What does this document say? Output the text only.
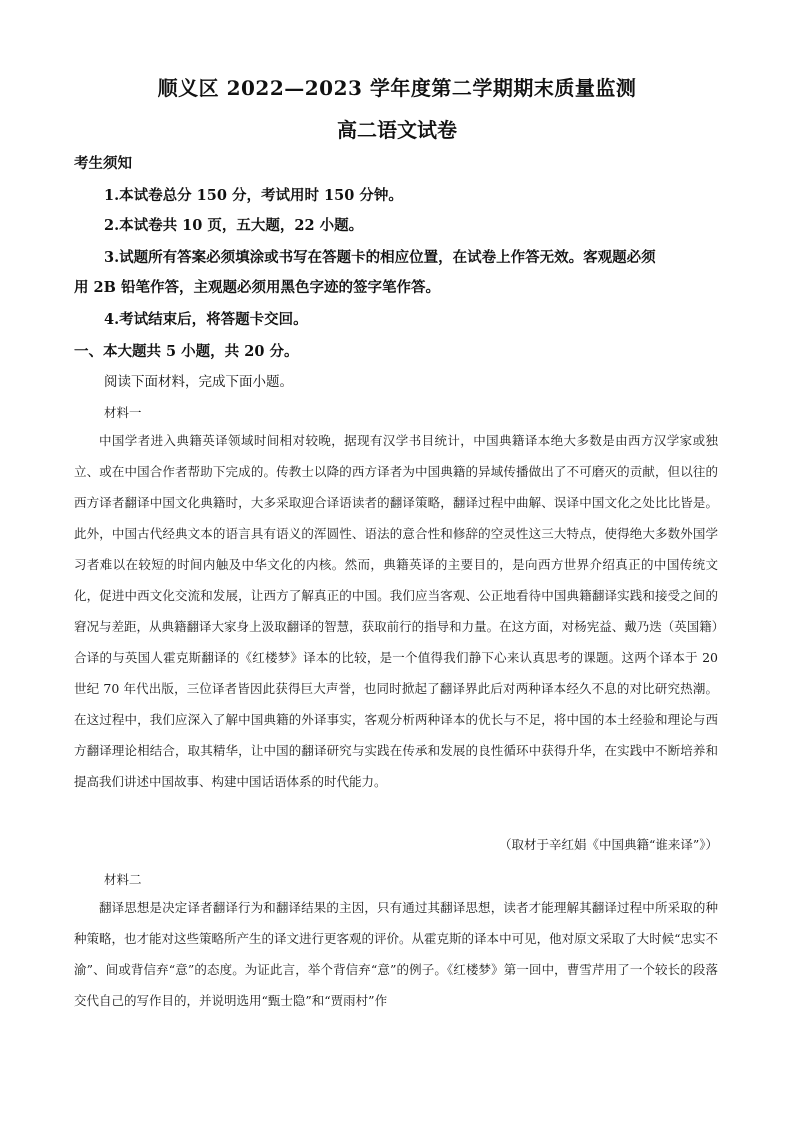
顺义区 2022—2023 学年度第二学期期末质量监测
高二语文试卷
考生须知
1.本试卷总分 150 分，考试用时 150 分钟。
2.本试卷共 10 页，五大题，22 小题。
3.试题所有答案必须填涂或书写在答题卡的相应位置，在试卷上作答无效。客观题必须
用 2B 铅笔作答，主观题必须用黑色字迹的签字笔作答。
4.考试结束后，将答题卡交回。
一、本大题共 5 小题，共 20 分。
阅读下面材料，完成下面小题。
材料一

中国学者进入典籍英译领域时间相对较晚，据现有汉学书目统计，中国典籍译本绝大多数是由西方汉学家或独立、或在中国合作者帮助下完成的。传教士以降的西方译者为中国典籍的异域传播做出了不可磨灭的贡献，但以往的西方译者翻译中国文化典籍时，大多采取迎合译语读者的翻译策略，翻译过程中曲解、误译中国文化之处比比皆是。此外，中国古代经典文本的语言具有语义的浑圆性、语法的意合性和修辞的空灵性这三大特点，使得绝大多数外国学习者难以在较短的时间内触及中华文化的内核。然而，典籍英译的主要目的，是向西方世界介绍真正的中国传统文化，促进中西文化交流和发展，让西方了解真正的中国。我们应当客观、公正地看待中国典籍翻译实践和接受之间的窘况与差距，从典籍翻译大家身上汲取翻译的智慧，获取前行的指导和力量。在这方面，对杨宪益、戴乃迭（英国籍）合译的与英国人霍克斯翻译的《红楼梦》译本的比较，是一个值得我们静下心来认真思考的课题。这两个译本于 20 世纪 70 年代出版，三位译者皆因此获得巨大声誉，也同时掀起了翻译界此后对两种译本经久不息的对比研究热潮。在这过程中，我们应深入了解中国典籍的外译事实，客观分析两种译本的优长与不足，将中国的本土经验和理论与西方翻译理论相结合，取其精华，让中国的翻译研究与实践在传承和发展的良性循环中获得升华，在实践中不断培养和提高我们讲述中国故事、构建中国话语体系的时代能力。

（取材于辛红娟《中国典籍“谁来译”》）
材料二

翻译思想是决定译者翻译行为和翻译结果的主因，只有通过其翻译思想，读者才能理解其翻译过程中所采取的种种策略，也才能对这些策略所产生的译文进行更客观的评价。从霍克斯的译本中可见，他对原文采取了大时候“忠实不渝”、间或背信弃“意”的态度。为证此言，举个背信弃“意”的例子。《红楼梦》第一回中，曹雪芹用了一个较长的段落交代自己的写作目的，并说明选用“甄士隐”和“贾雨村”作
